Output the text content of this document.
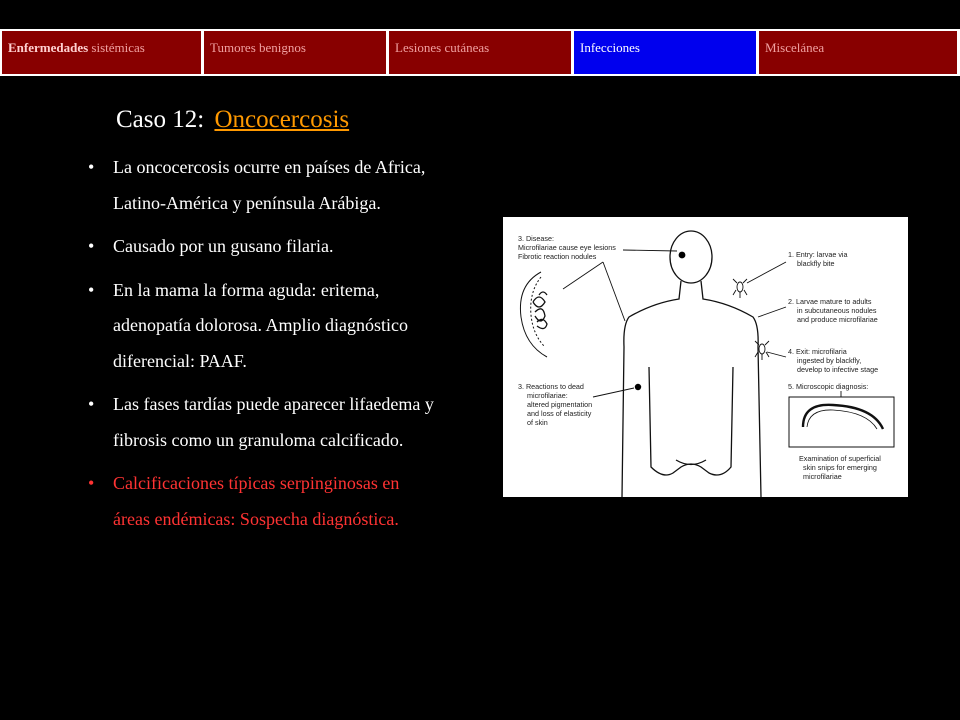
Enfermedades sistémicas	Tumores benignos	Lesiones cutáneas	Infecciones	Miscelánea
Caso 12: Oncocercosis
• La oncocercosis ocurre en países de Africa, Latino-América y península Arábiga.
• Causado por un gusano filaria.
• En la mama la forma aguda: eritema, adenopatía dolorosa. Amplio diagnóstico diferencial: PAAF.
• Las fases tardías puede aparecer lifaedema y fibrosis como un granuloma calcificado.
• Calcificaciones típicas serpinginosas en áreas endémicas: Sospecha diagnóstica.
3. Disease:
Microfilariae cause eye lesions
Fibrotic reaction nodules	1. Entry: larvae via
blackfly bite
2. Larvae mature to adults
in subcutaneous nodules
and produce microfilariae
4. Exit: microfilaria
ingested by blackfly,
develop to infective stage
3. Reactions to dead
microfilariae:
altered pigmentation
and loss of elasticity
of skin
5. Microscopic diagnosis:
Examination of superficial
skin snips for emerging
microfilariae
